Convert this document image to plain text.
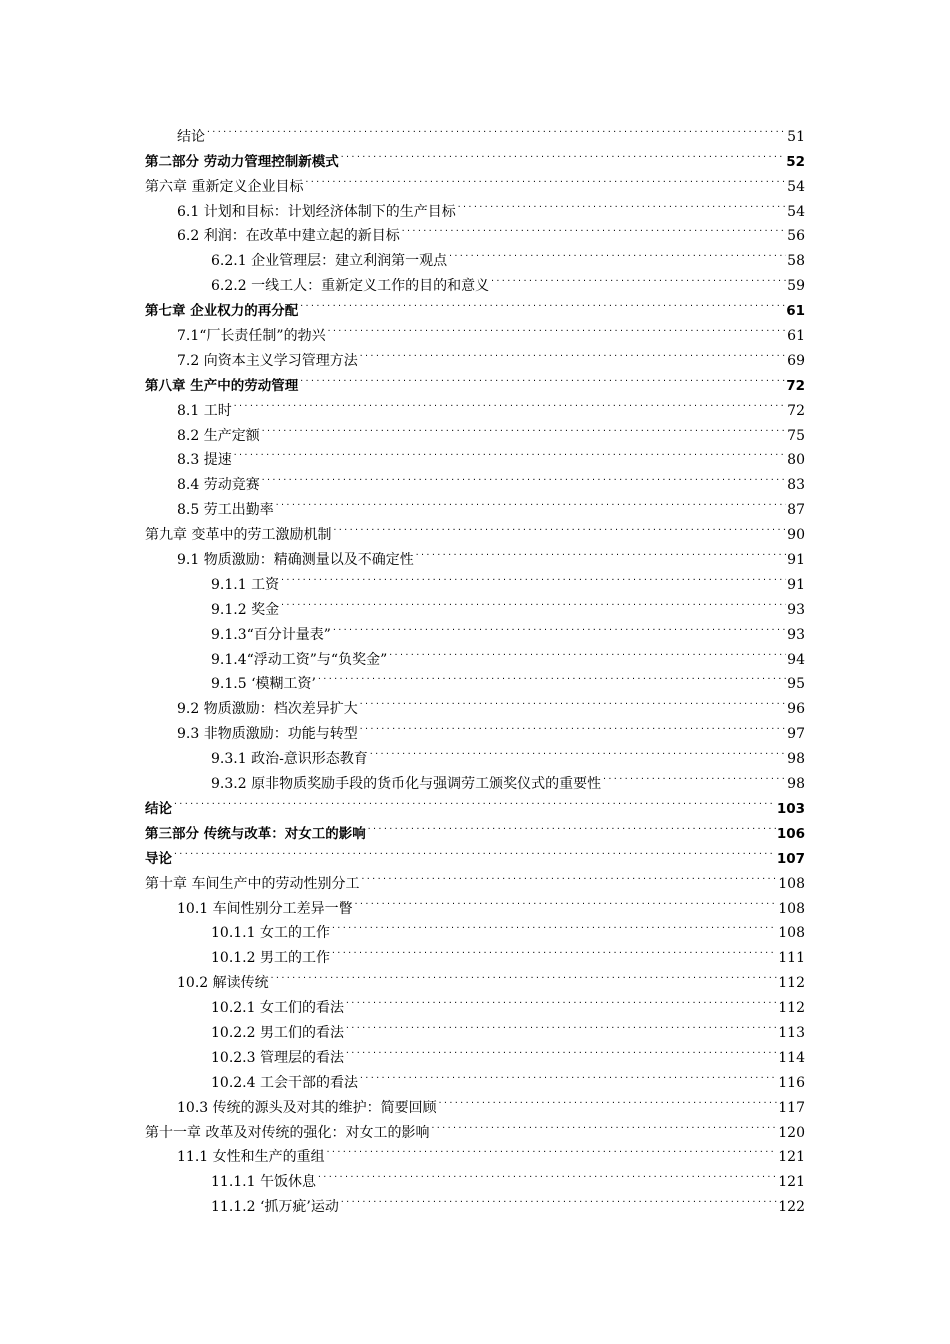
结论 .....	51
第二部分 劳动力管理控制新模式 .....	52
第六章 重新定义企业目标 .....	54
6.1 计划和目标：计划经济体制下的生产目标 .....	54
6.2 利润：在改革中建立起的新目标 .....	56
6.2.1 企业管理层：建立利润第一观点 .....	58
6.2.2 一线工人：重新定义工作的目的和意义 .....	59
第七章 企业权力的再分配 .....	61
7.1“厂长责任制”的勃兴 .....	61
7.2 向资本主义学习管理方法 .....	69
第八章 生产中的劳动管理 .....	72
8.1 工时 .....	72
8.2 生产定额 .....	75
8.3 提速 .....	80
8.4 劳动竞赛 .....	83
8.5 劳工出勤率 .....	87
第九章 变革中的劳工激励机制 .....	90
9.1 物质激励：精确测量以及不确定性 .....	91
9.1.1 工资 .....	91
9.1.2 奖金 .....	93
9.1.3“百分计量表” .....	93
9.1.4“浮动工资”与“负奖金” .....	94
9.1.5 ‘模糊工资’ .....	95
9.2 物质激励：档次差异扩大 .....	96
9.3 非物质激励：功能与转型 .....	97
9.3.1 政治-意识形态教育 .....	98
9.3.2 原非物质奖励手段的货币化与强调劳工颁奖仪式的重要性 .....	98
结论 .....	103
第三部分 传统与改革：对女工的影响 .....	106
导论 .....	107
第十章 车间生产中的劳动性别分工 .....	108
10.1 车间性别分工差异一瞥 .....	108
10.1.1 女工的工作 .....	108
10.1.2 男工的工作 .....	111
10.2 解读传统 .....	112
10.2.1 女工们的看法 .....	112
10.2.2 男工们的看法 .....	113
10.2.3 管理层的看法 .....	114
10.2.4 工会干部的看法 .....	116
10.3 传统的源头及对其的维护：简要回顾 .....	117
第十一章 改革及对传统的强化：对女工的影响 .....	120
11.1 女性和生产的重组 .....	121
11.1.1 午饭休息 .....	121
11.1.2 ‘抓万疵’运动 .....	122
